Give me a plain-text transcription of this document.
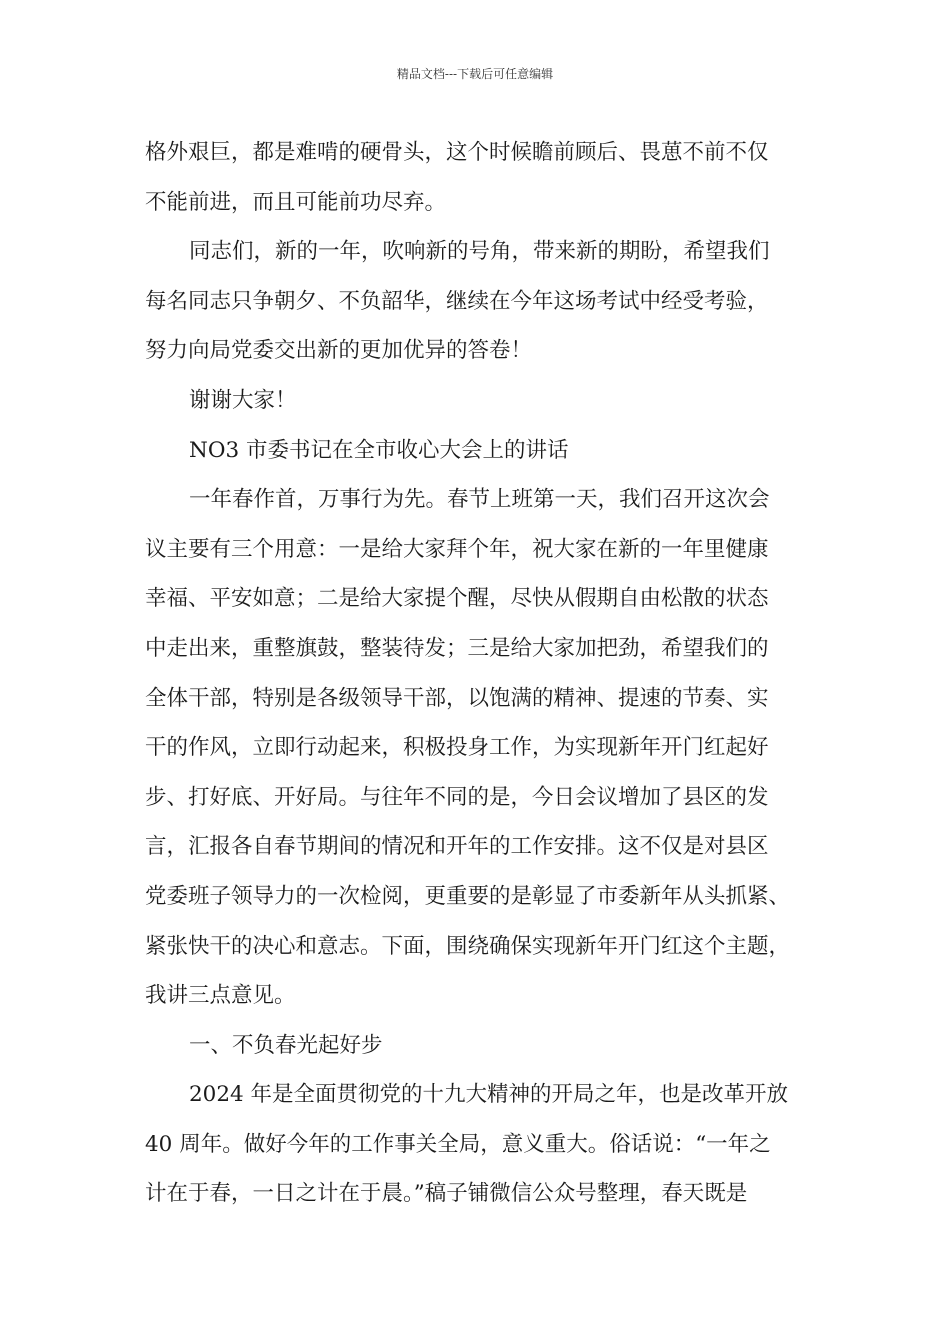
精品文档---下载后可任意编辑
格外艰巨，都是难啃的硬骨头，这个时候瞻前顾后、畏葸不前不仅
不能前进，而且可能前功尽弃。
同志们，新的一年，吹响新的号角，带来新的期盼，希望我们
每名同志只争朝夕、不负韶华，继续在今年这场考试中经受考验，
努力向局党委交出新的更加优异的答卷！
谢谢大家！
NO3 市委书记在全市收心大会上的讲话
一年春作首，万事行为先。春节上班第一天，我们召开这次会
议主要有三个用意：一是给大家拜个年，祝大家在新的一年里健康
幸福、平安如意；二是给大家提个醒，尽快从假期自由松散的状态
中走出来，重整旗鼓，整装待发；三是给大家加把劲，希望我们的
全体干部，特别是各级领导干部，以饱满的精神、提速的节奏、实
干的作风，立即行动起来，积极投身工作，为实现新年开门红起好
步、打好底、开好局。与往年不同的是，今日会议增加了县区的发
言，汇报各自春节期间的情况和开年的工作安排。这不仅是对县区
党委班子领导力的一次检阅，更重要的是彰显了市委新年从头抓紧、
紧张快干的决心和意志。下面，围绕确保实现新年开门红这个主题，
我讲三点意见。
一、不负春光起好步
2024 年是全面贯彻党的十九大精神的开局之年，也是改革开放
40 周年。做好今年的工作事关全局，意义重大。俗话说：“一年之
计在于春，一日之计在于晨。”稿子铺微信公众号整理，春天既是
